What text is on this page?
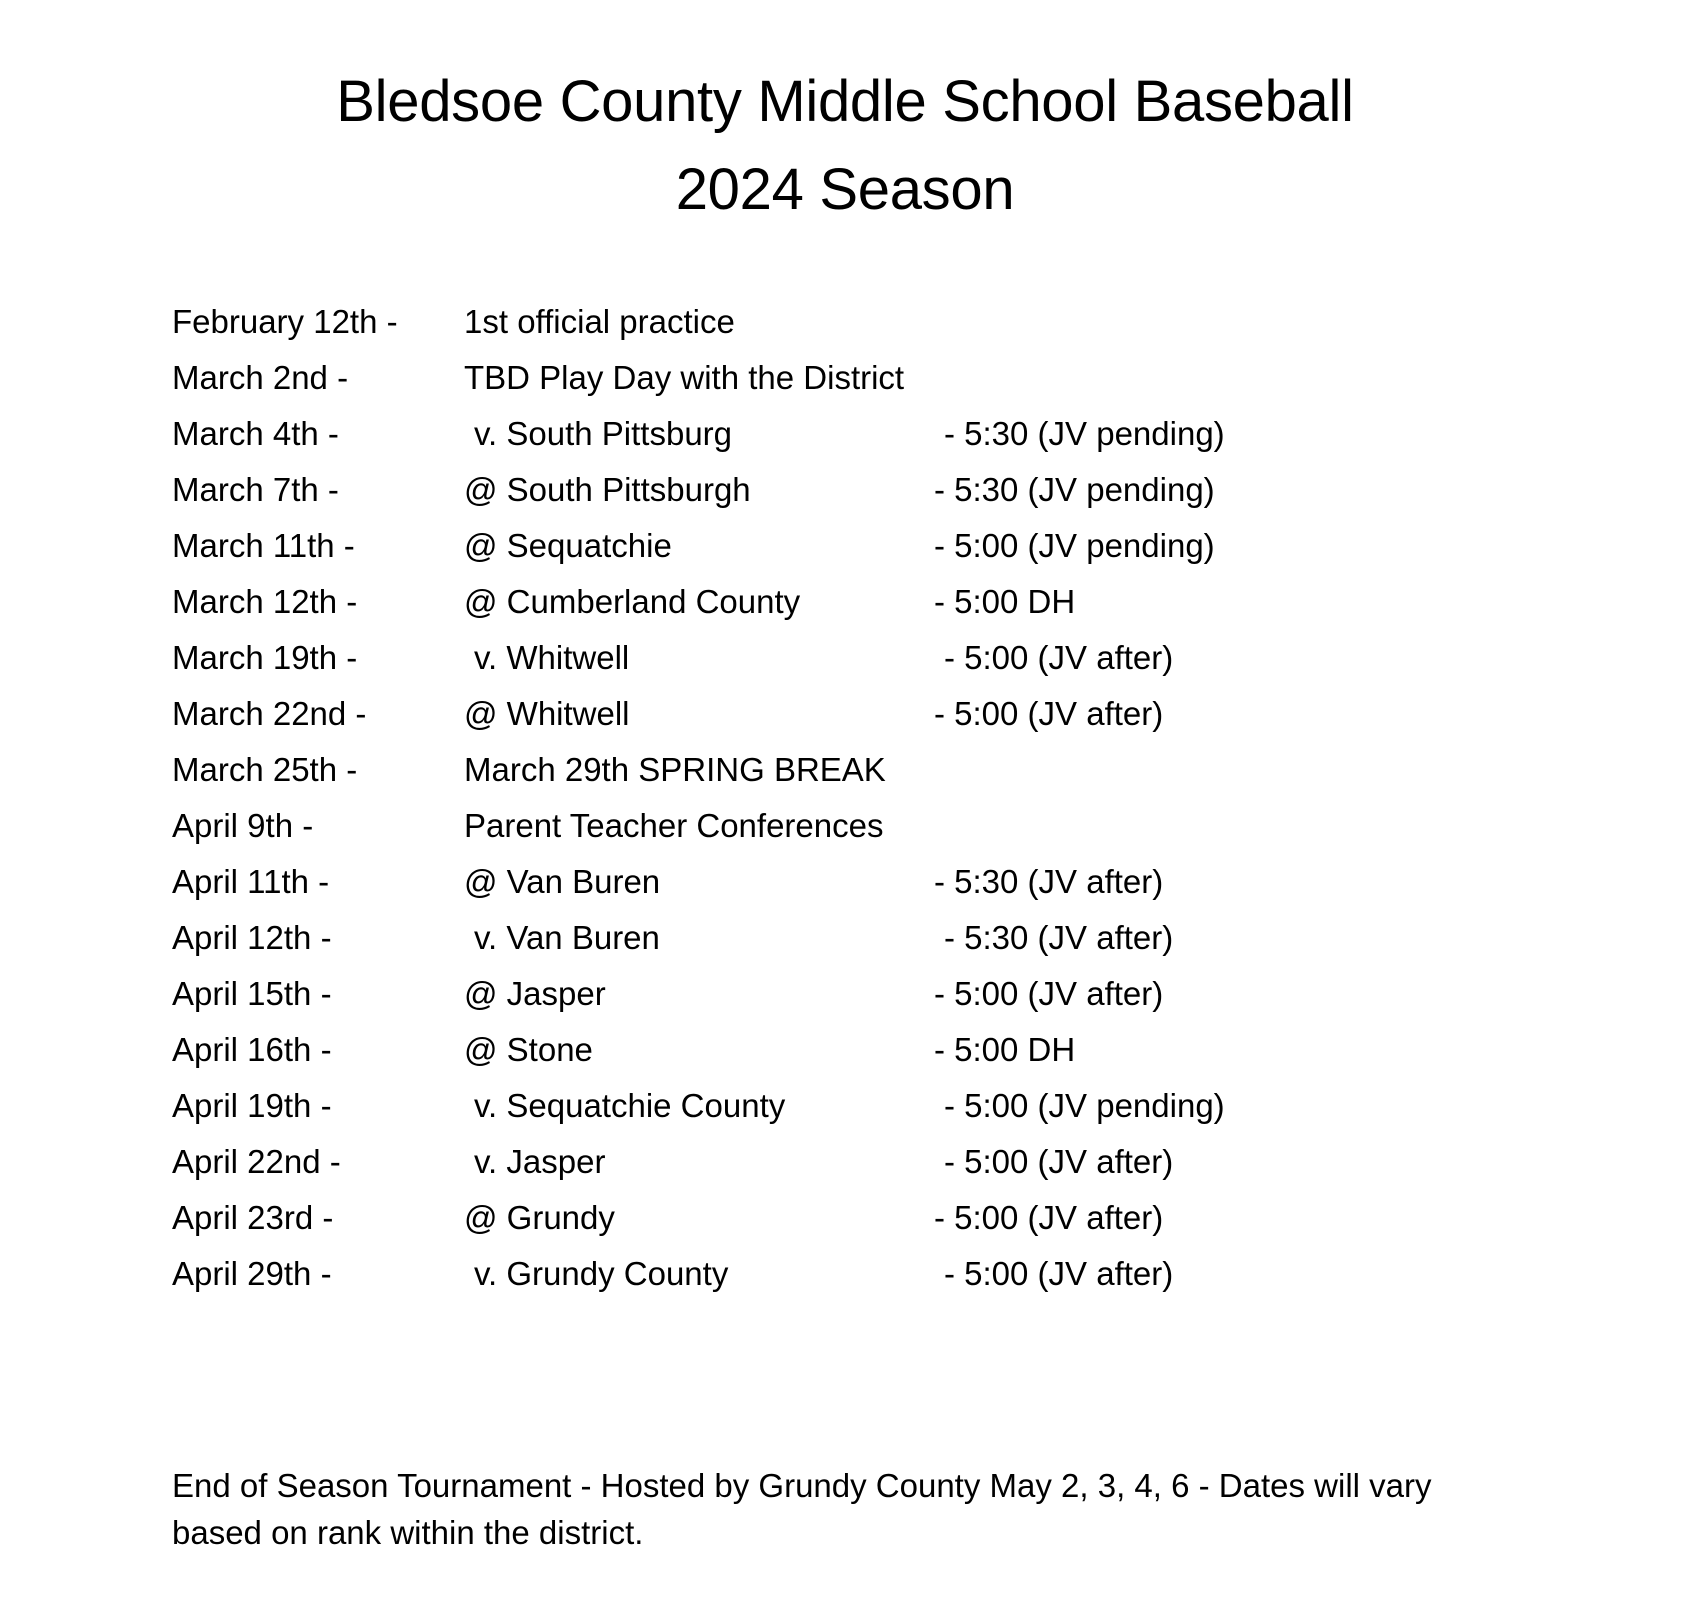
Bledsoe County Middle School Baseball
2024 Season
February 12th -	1st official practice
March 2nd -	TBD Play Day with the District
March 4th -	v. South Pittsburg	- 5:30 (JV pending)
March 7th -	@ South Pittsburgh	- 5:30 (JV pending)
March 11th -	@ Sequatchie	- 5:00 (JV pending)
March 12th -	@ Cumberland County	- 5:00 DH
March 19th -	v. Whitwell	- 5:00 (JV after)
March 22nd -	@ Whitwell	- 5:00 (JV after)
March 25th -	March 29th SPRING BREAK
April 9th -	Parent Teacher Conferences
April 11th -	@ Van Buren	- 5:30 (JV after)
April 12th -	v. Van Buren	- 5:30 (JV after)
April 15th -	@ Jasper	- 5:00 (JV after)
April 16th -	@ Stone	- 5:00 DH
April 19th -	v. Sequatchie County	- 5:00 (JV pending)
April 22nd -	v. Jasper	- 5:00 (JV after)
April 23rd -	@ Grundy	- 5:00 (JV after)
April 29th -	v. Grundy County	- 5:00 (JV after)
End of Season Tournament - Hosted by Grundy County May 2, 3, 4, 6 - Dates will vary based on rank within the district.
